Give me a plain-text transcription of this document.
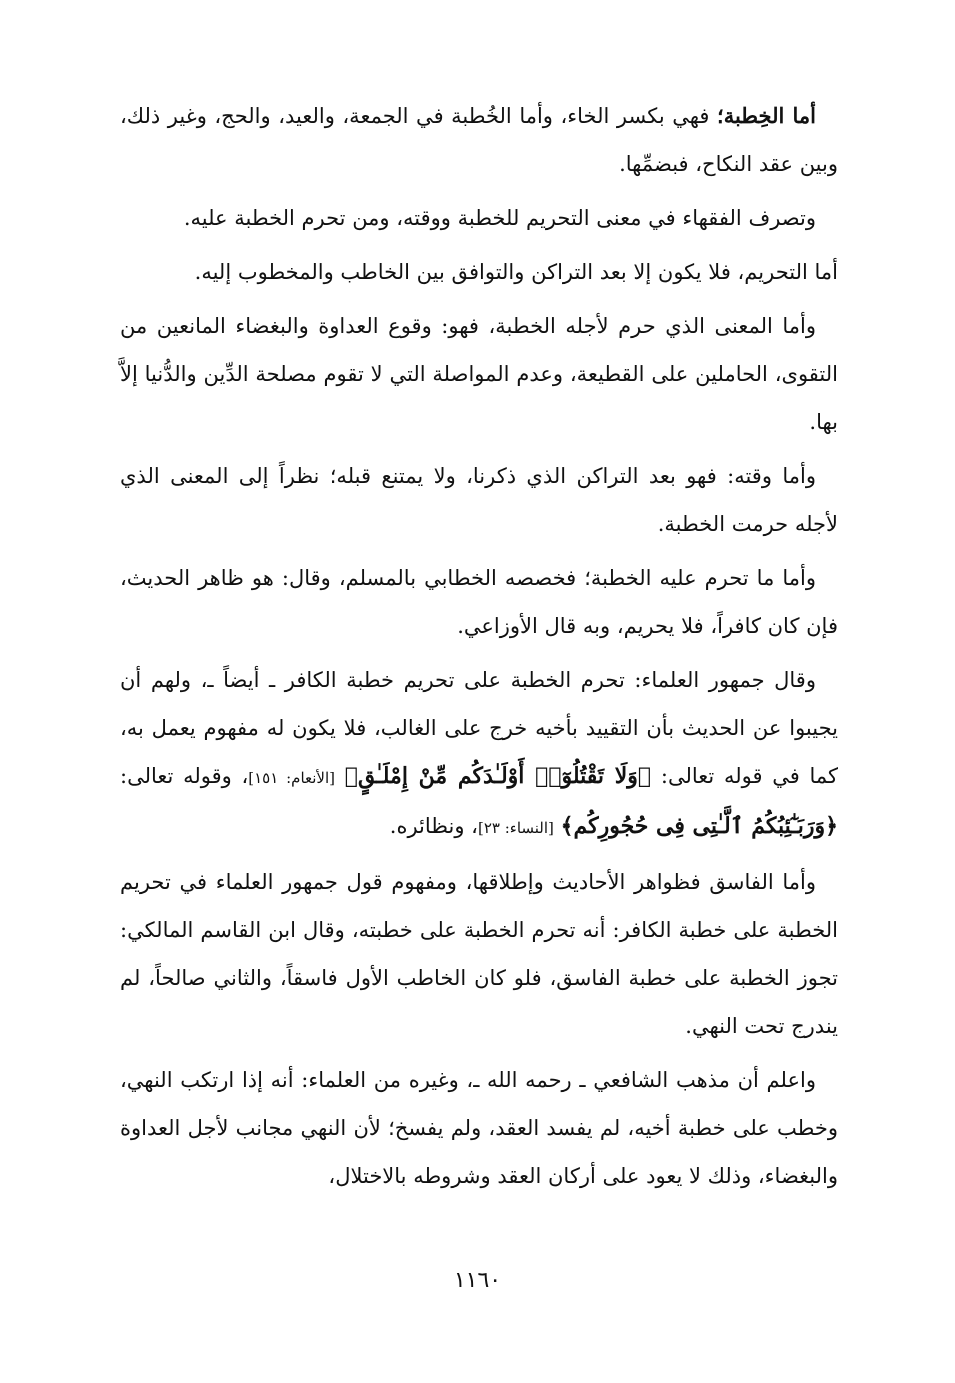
أما الخِطبة؛ فهي بكسر الخاء، وأما الخُطبة في الجمعة، والعيد، والحج، وغير ذلك، وبين عقد النكاح، فبضمِّها.

وتصرف الفقهاء في معنى التحريم للخطبة ووقته، ومن تحرم الخطبة عليه.

أما التحريم، فلا يكون إلا بعد التراكن والتوافق بين الخاطب والمخطوب إليه.

وأما المعنى الذي حرم لأجله الخطبة، فهو: وقوع العداوة والبغضاء المانعين من التقوى، الحاملين على القطيعة، وعدم المواصلة التي لا تقوم مصلحة الدِّين والدُّنيا إلاَّ بها.

وأما وقته: فهو بعد التراكن الذي ذكرنا، ولا يمتنع قبله؛ نظراً إلى المعنى الذي لأجله حرمت الخطبة.

وأما ما تحرم عليه الخطبة؛ فخصصه الخطابي بالمسلم، وقال: هو ظاهر الحديث، فإن كان كافراً، فلا يحريم، وبه قال الأوزاعي.

وقال جمهور العلماء: تحرم الخطبة على تحريم خطبة الكافر ـ أيضاً ـ، ولهم أن يجيبوا عن الحديث بأن التقييد بأخيه خرج على الغالب، فلا يكون له مفهوم يعمل به، كما في قوله تعالى: ﴿وَلَا تَقْتُلُوٓا۟ أَوْلَـٰدَكُم مِّنْ إِمْلَـٰقٍ﴾ [الأنعام: ١٥١]، وقوله تعالى: ﴿وَرَبَـٰٓئِبُكُمُ ٱلَّـٰتِى فِى حُجُورِكُم﴾ [النساء: ٢٣]، ونظائره.

وأما الفاسق فظواهر الأحاديث وإطلاقها، ومفهوم قول جمهور العلماء في تحريم الخطبة على خطبة الكافر: أنه تحرم الخطبة على خطبته، وقال ابن القاسم المالكي: تجوز الخطبة على خطبة الفاسق، فلو كان الخاطب الأول فاسقاً، والثاني صالحاً، لم يندرج تحت النهي.

واعلم أن مذهب الشافعي ـ رحمه الله ـ، وغيره من العلماء: أنه إذا ارتكب النهي، وخطب على خطبة أخيه، لم يفسد العقد، ولم يفسخ؛ لأن النهي مجانب لأجل العداوة والبغضاء، وذلك لا يعود على أركان العقد وشروطه بالاختلال،

١١٦٠
